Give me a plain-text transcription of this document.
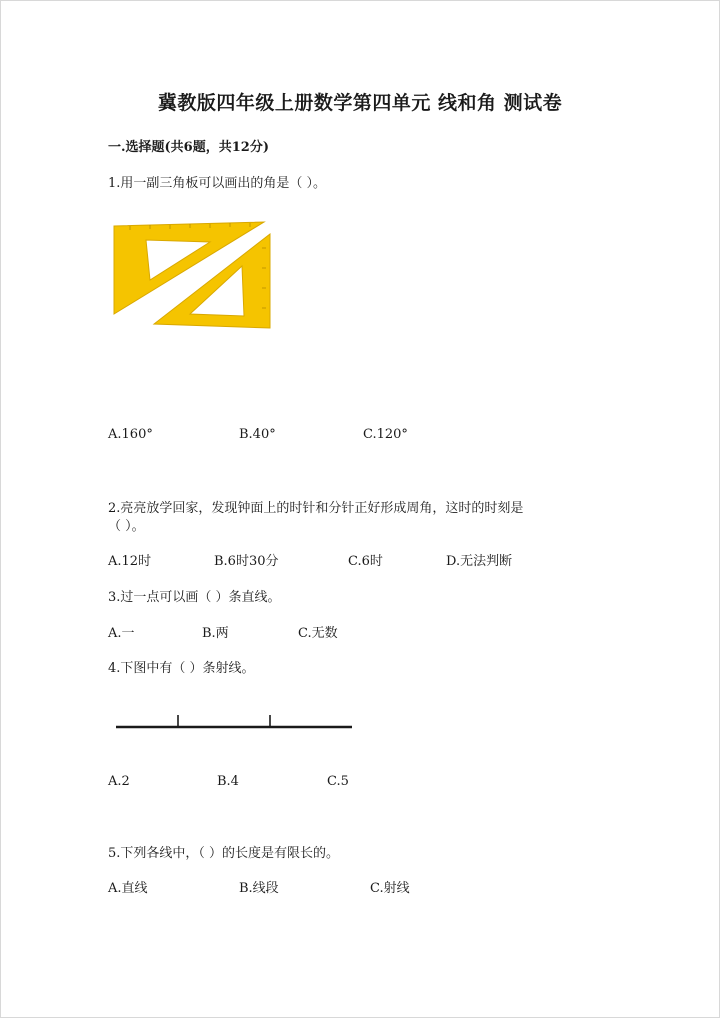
冀教版四年级上册数学第四单元 线和角 测试卷
一.选择题(共6题，共12分)
1.用一副三角板可以画出的角是（ ）。
A.160°	B.40°	C.120°
2.亮亮放学回家，发现钟面上的时针和分针正好形成周角，这时的时刻是
（ ）。
A.12时	B.6时30分	C.6时	D.无法判断
3.过一点可以画（ ）条直线。
A.一	B.两	C.无数
4.下图中有（ ）条射线。
A.2	B.4	C.5
5.下列各线中，（ ）的长度是有限长的。
A.直线	B.线段	C.射线
